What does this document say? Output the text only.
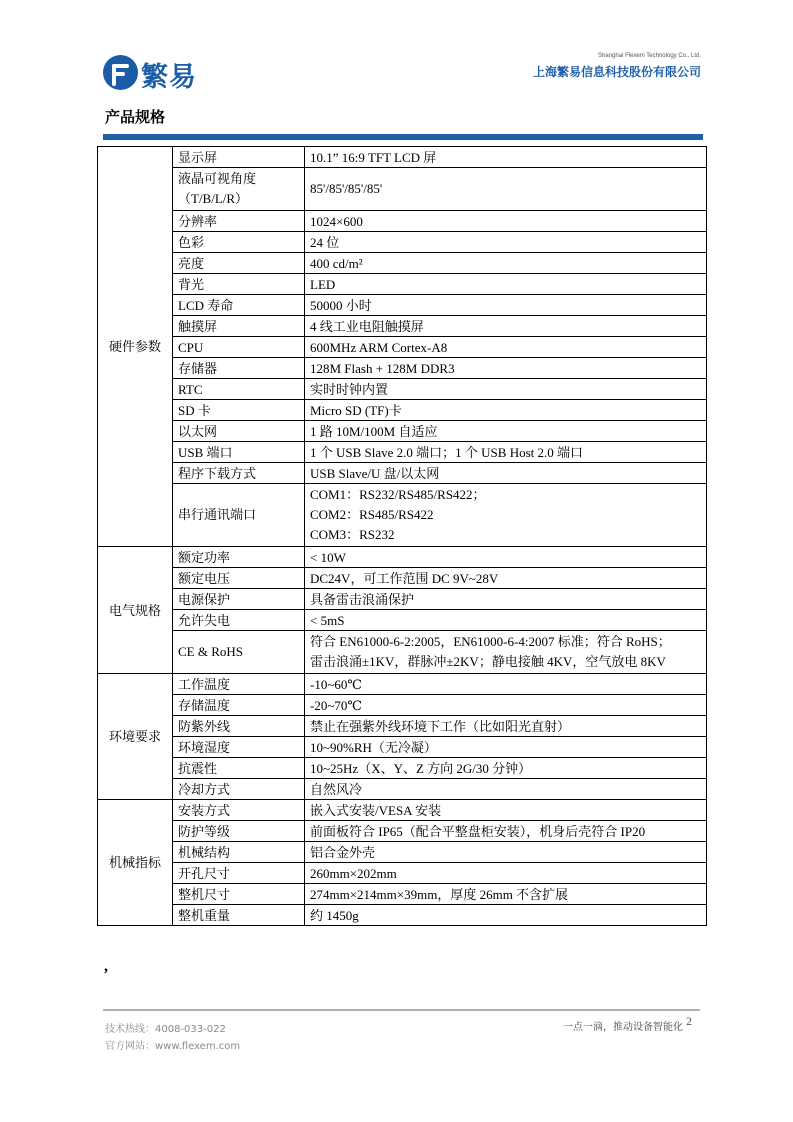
繁易
Shanghai Flexem Technology Co., Ltd.
上海繁易信息科技股份有限公司
产品规格
硬件参数	显示屏	10.1” 16:9 TFT LCD 屏
	液晶可视角度
（T/B/L/R）	85'/85'/85'/85'
	分辨率	1024×600
	色彩	24 位
	亮度	400 cd/m²
	背光	LED
	LCD 寿命	50000 小时
	触摸屏	4 线工业电阻触摸屏
	CPU	600MHz ARM Cortex-A8
	存储器	128M Flash + 128M DDR3
	RTC	实时时钟内置
	SD 卡	Micro SD (TF)卡
	以太网	1 路 10M/100M 自适应
	USB 端口	1 个 USB Slave 2.0 端口；1 个 USB Host 2.0 端口
	程序下载方式	USB Slave/U 盘/以太网
	串行通讯端口	COM1：RS232/RS485/RS422；
COM2：RS485/RS422
COM3：RS232
电气规格	额定功率	< 10W
	额定电压	DC24V，可工作范围 DC 9V~28V
	电源保护	具备雷击浪涌保护
	允许失电	< 5mS
	CE & RoHS	符合 EN61000-6-2:2005，EN61000-6-4:2007 标准；符合 RoHS；
雷击浪涌±1KV，群脉冲±2KV；静电接触 4KV，空气放电 8KV
环境要求	工作温度	-10~60℃
	存储温度	-20~70℃
	防紫外线	禁止在强紫外线环境下工作（比如阳光直射）
	环境湿度	10~90%RH（无冷凝）
	抗震性	10~25Hz（X、Y、Z 方向 2G/30 分钟）
	冷却方式	自然风冷
机械指标	安装方式	嵌入式安装/VESA 安装
	防护等级	前面板符合 IP65（配合平整盘柜安装），机身后壳符合 IP20
	机械结构	铝合金外壳
	开孔尺寸	260mm×202mm
	整机尺寸	274mm×214mm×39mm，厚度 26mm 不含扩展
	整机重量	约 1450g
,
技术热线：4008-033-022
官方网站：www.flexem.com
一点一滴，推动设备智能化 2
